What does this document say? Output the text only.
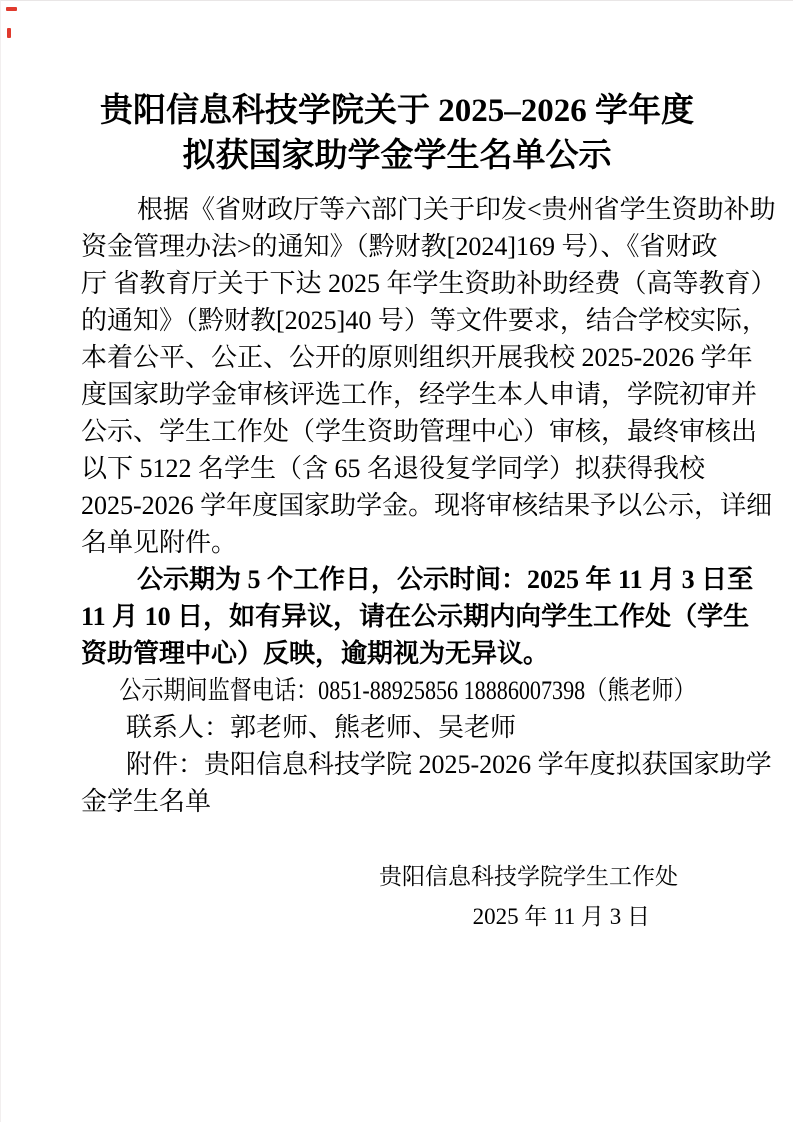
贵阳信息科技学院关于 2025–2026 学年度
拟获国家助学金学生名单公示
根据《省财政厅等六部门关于印发<贵州省学生资助补助
资金管理办法>的通知》（黔财教[2024]169 号）、《省财政
厅 省教育厅关于下达 2025 年学生资助补助经费（高等教育）
的通知》（黔财教[2025]40 号）等文件要求，结合学校实际，
本着公平、公正、公开的原则组织开展我校 2025-2026 学年
度国家助学金审核评选工作，经学生本人申请，学院初审并
公示、学生工作处（学生资助管理中心）审核，最终审核出
以下 5122 名学生（含 65 名退役复学同学）拟获得我校
2025-2026 学年度国家助学金。现将审核结果予以公示，详细
名单见附件。
公示期为 5 个工作日，公示时间：2025 年 11 月 3 日至
11 月 10 日，如有异议，请在公示期内向学生工作处（学生
资助管理中心）反映，逾期视为无异议。
公示期间监督电话：0851-88925856 18886007398（熊老师）
联系人：郭老师、熊老师、吴老师
附件：贵阳信息科技学院 2025-2026 学年度拟获国家助学
金学生名单
贵阳信息科技学院学生工作处
2025 年 11 月 3 日
